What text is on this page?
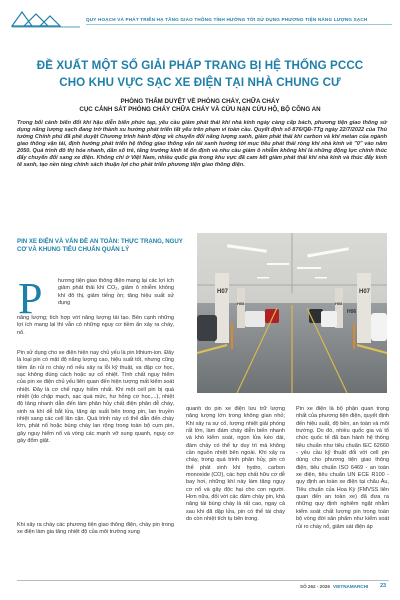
QUY HOẠCH VÀ PHÁT TRIỂN HẠ TẦNG GIAO THÔNG TÍNH HƯỚNG TỚI SỬ DỤNG PHƯƠNG TIỆN NĂNG LƯỢNG SẠCH
ĐỀ XUẤT MỘT SỐ GIẢI PHÁP TRANG BỊ HỆ THỐNG PCCC
CHO KHU VỰC SẠC XE ĐIỆN TẠI NHÀ CHUNG CƯ
PHÒNG THẨM DUYỆT VỀ PHÒNG CHÁY, CHỮA CHÁY
CỤC CẢNH SÁT PHÒNG CHÁY CHỮA CHÁY VÀ CỨU NẠN CỨU HỘ, BỘ CÔNG AN

Trong bối cảnh biến đổi khí hậu diễn biến phức tạp, yêu cầu giảm phát thải khí nhà kính ngày càng cấp bách, phương tiện giao thông sử dụng năng lượng sạch đang trở thành xu hướng phát triển tất yếu trên phạm vi toàn cầu. Quyết định số 876/QĐ-TTg ngày 22/7/2022 của Thủ tướng Chính phủ đã phê duyệt Chương trình hành động về chuyển đổi năng lượng xanh, giảm phát thải khí carbon và khí metan của ngành giao thông vận tải, định hướng phát triển hệ thống giao thông vận tải xanh hướng tới mục tiêu phát thải ròng khí nhà kính về "0" vào năm 2050. Quá trình đô thị hóa nhanh, dân số trẻ, tăng trưởng kinh tế ổn định và nhu cầu giảm ô nhiễm không khí là những động lực chính thúc đẩy chuyển đổi sang xe điện. Không chỉ ở Việt Nam, nhiều quốc gia trong khu vực đã cam kết giảm phát thải khí nhà kính và thúc đẩy kinh tế xanh, tạo nền tảng chính sách thuận lợi cho phát triển phương tiện giao thông điện.

PIN XE ĐIỆN VÀ VẤN ĐỀ AN TOÀN: THỰC TRẠNG, NGUY CƠ VÀ KHUNG TIÊU CHUẨN QUẢN LÝ
P	hương tiện giao thông điện mang lại các lợi ích giảm phát thải khí CO₂, giảm ô nhiễm không khí đô thị, giảm tiếng ồn; tăng hiệu suất sử dụng

năng lượng; tích hợp với năng lượng tái tạo. Bên cạnh những lợi ích mang lại thì vẫn có những nguy cơ tiềm ẩn xảy ra cháy, nổ.

Pin sử dụng cho xe điện hiện nay chủ yếu là pin lithium-ion. Đây là loại pin có mật độ năng lượng cao, hiệu suất tốt, nhưng cũng tiềm ẩn rủi ro cháy nổ nếu xảy ra lỗi kỹ thuật, va đập cơ học, sạc không đúng cách hoặc sự cố nhiệt. Tình chất nguy hiểm của pin xe điện chủ yếu liên quan đến hiện tượng mất kiểm soát nhiệt. Đây là cơ chế nguy hiểm nhất. Khi một cell pin bị quá nhiệt (do chập mạch, sạc quá mức, hư hỏng cơ học,...), nhiệt độ tăng nhanh dẫn đến làm phân hủy chất điện phân dễ cháy, sinh ra khí dễ bắt lửa, tăng áp suất bên trong pin, lan truyền nhiệt sang các cell lân cận. Quá trình này có thể dẫn đến cháy lớn, phát nổ hoặc bùng cháy lan rộng trong toàn bộ cụm pin, gây nguy hiểm nổ và vòng các mạnh vỡ xung quanh, nguy cơ gây đổm giật.

Khi xảy ra cháy các phương tiện giao thông điện, cháy pin trong xe điện làm gia tăng nhiệt độ của môi trường xung

quanh do pin xe điện lưu trữ lượng năng lượng lớn trong không gian nhỏ; Khi xảy ra sự cố, lượng nhiệt giải phóng rất lớn, làm đám cháy diễn biến nhanh và khó kiểm soát, ngọn lửa kéo dài, đám cháy có thể tự duy trì mà không cần nguồn nhiệt bên ngoài. Khi xảy ra cháy, trong quá trình phân hủy, pin có thể phát sinh khí hydro, carbon monoxide (CO), các hợp chất hữu cơ dễ bay hơi, những khí này làm tăng nguy cơ nổ và gây độc hại cho con người. Hơn nữa, đối với các đám cháy pin, khả năng tái bùng cháy là rất cao, ngay cả sau khi đã dập lửa, pin có thể tái cháy do còn nhiệt tích tụ bên trong.

Pin xe điện là bộ phận quan trọng nhất của phương tiện điện, quyết định đến hiệu suất, độ bền, an toàn và môi trường. Do đó, nhiều quốc gia và tổ chức quốc tế đã ban hành hệ thống tiêu chuẩn như tiêu chuẩn IEC 62660 - yêu cầu kỹ thuật đối với cell pin dùng cho phương tiện giao thông điện, tiêu chuẩn ISO 6469 - an toàn xe điện, tiêu chuẩn UN ECE R100 - quy định an toàn xe điện tại châu Âu, Tiêu chuẩn của Hoa Kỳ (FMVSS liên quan đến an toàn xe) đã đưa ra những quy định nghiêm ngặt nhằm kiểm soát chất lượng pin trong toàn bộ vòng đời sản phẩm như kiểm soát rủi ro cháy nổ, giảm sát điện áp

H07
H06
H07
H08	H08
SỐ 262 - 2026 VIETNAMARCHI 23
